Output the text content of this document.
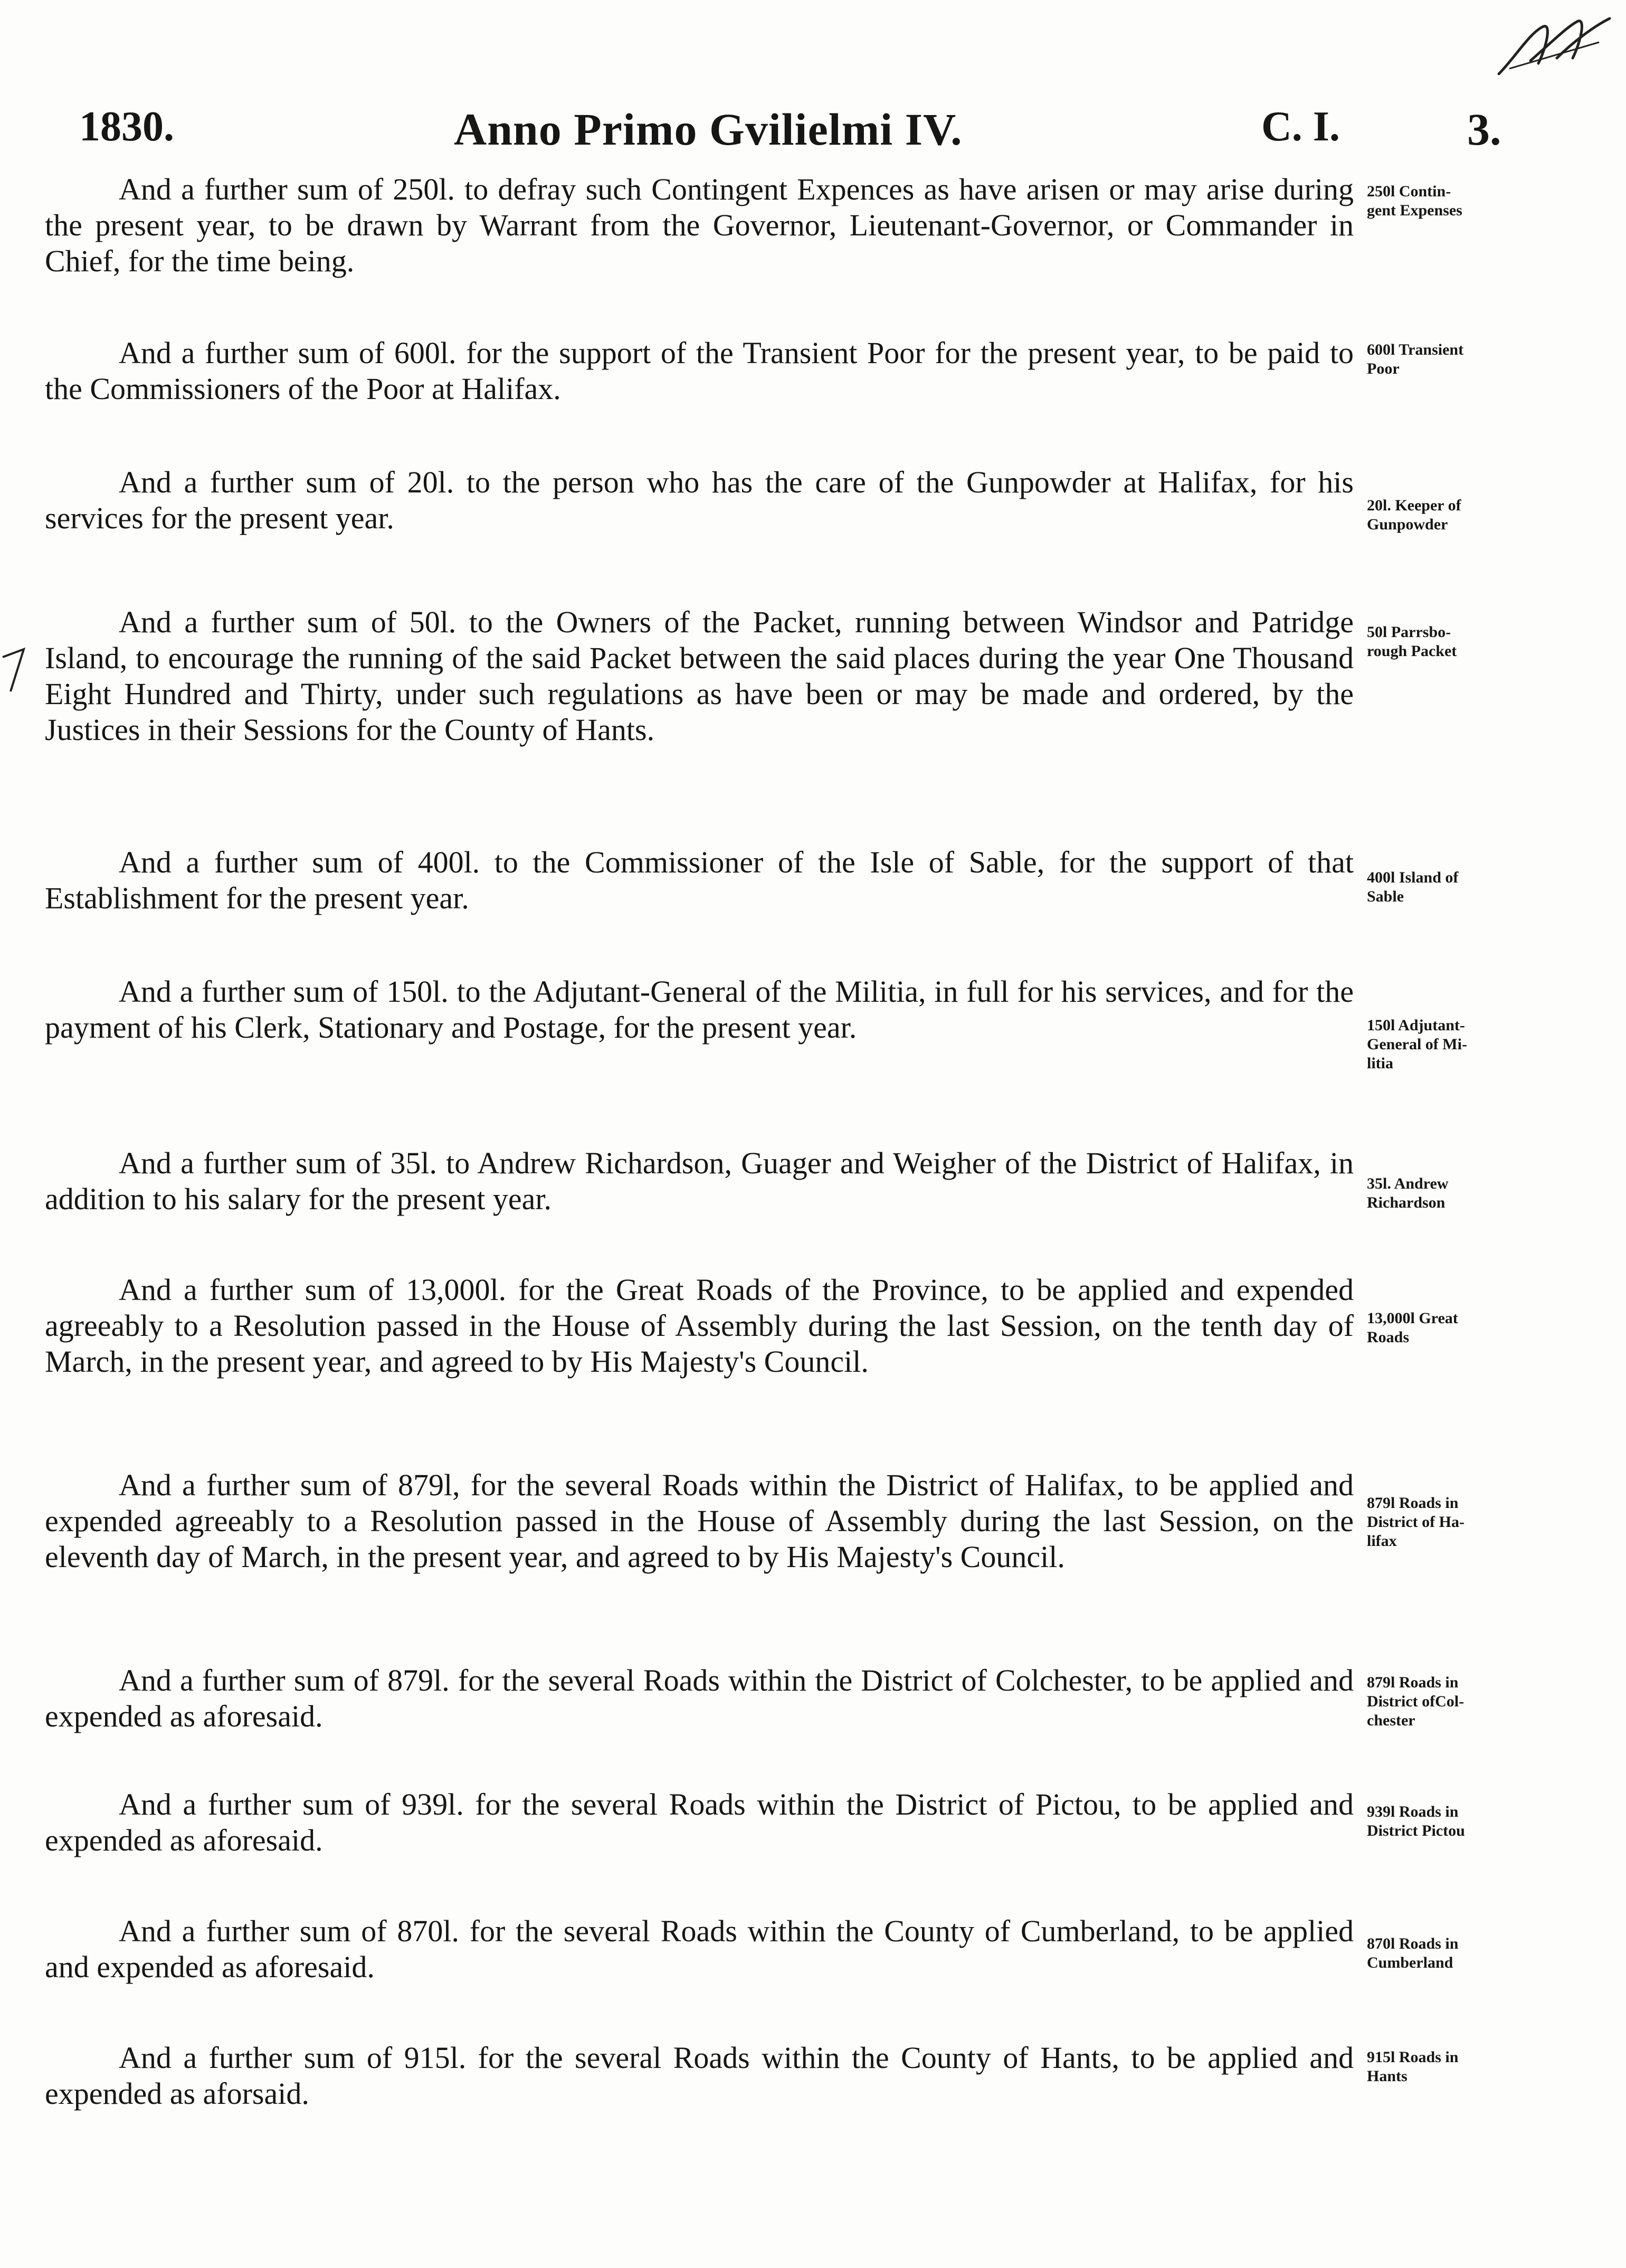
1830.	Anno Primo Gvilielmi IV.	C. I.	3.

And a further sum of 250l. to defray such Contingent Expences as have arisen or may arise during the present year, to be drawn by Warrant from the Governor, Lieutenant-Governor, or Commander in Chief, for the time being.

250l Contin-
gent Expenses

And a further sum of 600l. for the support of the Transient Poor for the present year, to be paid to the Commissioners of the Poor at Halifax.

600l Transient
Poor

And a further sum of 20l. to the person who has the care of the Gunpowder at Halifax, for his services for the present year.	20l. Keeper of
Gunpowder

And a further sum of 50l. to the Owners of the Packet, running between Windsor and Patridge Island, to encourage the running of the said Packet between the said places during the year One Thousand Eight Hundred and Thirty, under such regulations as have been or may be made and ordered, by the Justices in their Sessions for the County of Hants.

50l Parrsbo-
rough Packet

And a further sum of 400l. to the Commissioner of the Isle of Sable, for the support of that Establishment for the present year.

400l Island of
Sable

And a further sum of 150l. to the Adjutant-General of the Militia, in full for his services, and for the payment of his Clerk, Stationary and Postage, for the present year.	150l Adjutant-
General of Mi-
litia

And a further sum of 35l. to Andrew Richardson, Guager and Weigher of the District of Halifax, in addition to his salary for the present year.	35l. Andrew
Richardson

And a further sum of 13,000l. for the Great Roads of the Province, to be applied and expended agreeably to a Resolution passed in the House of Assembly during the last Session, on the tenth day of March, in the present year, and agreed to by His Majesty's Council.

13,000l Great
Roads

And a further sum of 879l, for the several Roads within the District of Halifax, to be applied and expended agreeably to a Resolution passed in the House of Assembly during the last Session, on the eleventh day of March, in the present year, and agreed to by His Majesty's Council.

879l Roads in
District of Ha-
lifax

And a further sum of 879l. for the several Roads within the District of Colchester, to be applied and expended as aforesaid.

879l Roads in
District ofCol-
chester

And a further sum of 939l. for the several Roads within the District of Pictou, to be applied and expended as aforesaid.

939l Roads in
District Pictou

And a further sum of 870l. for the several Roads within the County of Cumberland, to be applied and expended as aforesaid.

870l Roads in
Cumberland

And a further sum of 915l. for the several Roads within the County of Hants, to be applied and expended as aforsaid.

915l Roads in
Hants
